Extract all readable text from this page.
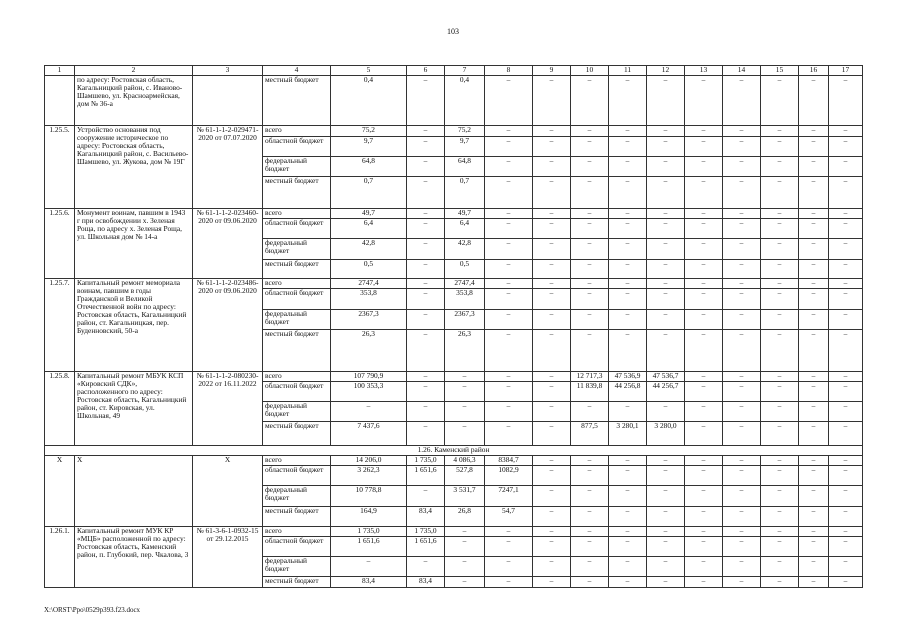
103
1	2	3	4	5	6	7	8	9	10	11	12	13	14	15	16	17
	по адресу: Ростовская область, Кагальницкий район, с. Иваново-Шамшево, ул. Красноармейская, дом № 36-а		местный бюджет	0,4	–	0,4	–	–	–	–	–	–	–	–	–	–
1.25.5.	Устройство основания под сооружение историческое по адресу: Ростовская область, Кагальницкий район, с. Васильево-Шамшево, ул. Жукова, дом № 19Г	№ 61-1-1-2-029471-2020 от 07.07.2020	всего	75,2	–	75,2	–	–	–	–	–	–	–	–	–	–
			областной бюджет	9,7	–	9,7	–	–	–	–	–	–	–	–	–	–
			федеральный бюджет	64,8	–	64,8	–	–	–	–	–	–	–	–	–	–
			местный бюджет	0,7	–	0,7	–	–	–	–	–	–	–	–	–	–
1.25.6.	Монумент воинам, павшим в 1943 г при освобождении х. Зеленая Роща, по адресу х. Зеленая Роща, ул. Школьная дом № 14-а	№ 61-1-1-2-023460-2020 от 09.06.2020	всего	49,7	–	49,7	–	–	–	–	–	–	–	–	–	–
			областной бюджет	6,4	–	6,4	–	–	–	–	–	–	–	–	–	–
			федеральный бюджет	42,8	–	42,8	–	–	–	–	–	–	–	–	–	–
			местный бюджет	0,5	–	0,5	–	–	–	–	–	–	–	–	–	–
1.25.7.	Капитальный ремонт мемориала воинам, павшим в годы Гражданской и Великой Отечественной войн по адресу: Ростовская область, Кагальницкий район, ст. Кагальницкая, пер. Буденновский, 50-а	№ 61-1-1-2-023486-2020 от 09.06.2020	всего	2747,4	–	2747,4	–	–	–	–	–	–	–	–	–	–
			областной бюджет	353,8	–	353,8	–	–	–	–	–	–	–	–	–	–
			федеральный бюджет	2367,3	–	2367,3	–	–	–	–	–	–	–	–	–	–
			местный бюджет	26,3	–	26,3	–	–	–	–	–	–	–	–	–	–
1.25.8.	Капитальный ремонт МБУК КСП «Кировский СДК», расположенного по адресу: Ростовская область, Кагальницкий район, ст. Кировская, ул. Школьная, 49	№ 61-1-1-2-080230-2022 от 16.11.2022	всего	107 790,9	–	–	–	–	12 717,3	47 536,9	47 536,7	–	–	–	–	–
			областной бюджет	100 353,3	–	–	–	–	11 839,8	44 256,8	44 256,7	–	–	–	–	–
			федеральный бюджет	–	–	–	–	–	–	–	–	–	–	–	–	–
			местный бюджет	7 437,6	–	–	–	–	877,5	3 280,1	3 280,0	–	–	–	–	–
1.26. Каменский район																
Х	Х	Х	всего	14 206,0	1 735,0	4 086,3	8384,7	–	–	–	–	–	–	–	–	–
			областной бюджет	3 262,3	1 651,6	527,8	1082,9	–	–	–	–	–	–	–	–	–
			федеральный бюджет	10 778,8	–	3 531,7	7247,1	–	–	–	–	–	–	–	–	–
			местный бюджет	164,9	83,4	26,8	54,7	–	–	–	–	–	–	–	–	–
1.26.1.	Капитальный ремонт МУК КР «МЦБ» расположенной по адресу: Ростовская область, Каменский район, п. Глубокий, пер. Чкалова, 3	№ 61-3-6-1-0932-15 от 29.12.2015	всего	1 735,0	1 735,0	–	–	–	–	–	–	–	–	–	–	–
			областной бюджет	1 651,6	1 651,6	–	–	–	–	–	–	–	–	–	–	–
			федеральный бюджет	–	–	–	–	–	–	–	–	–	–	–	–	–
			местный бюджет	83,4	83,4	–	–	–	–	–	–	–	–	–	–	–
X:\ORST\Ppo\0529p393.f23.docx
